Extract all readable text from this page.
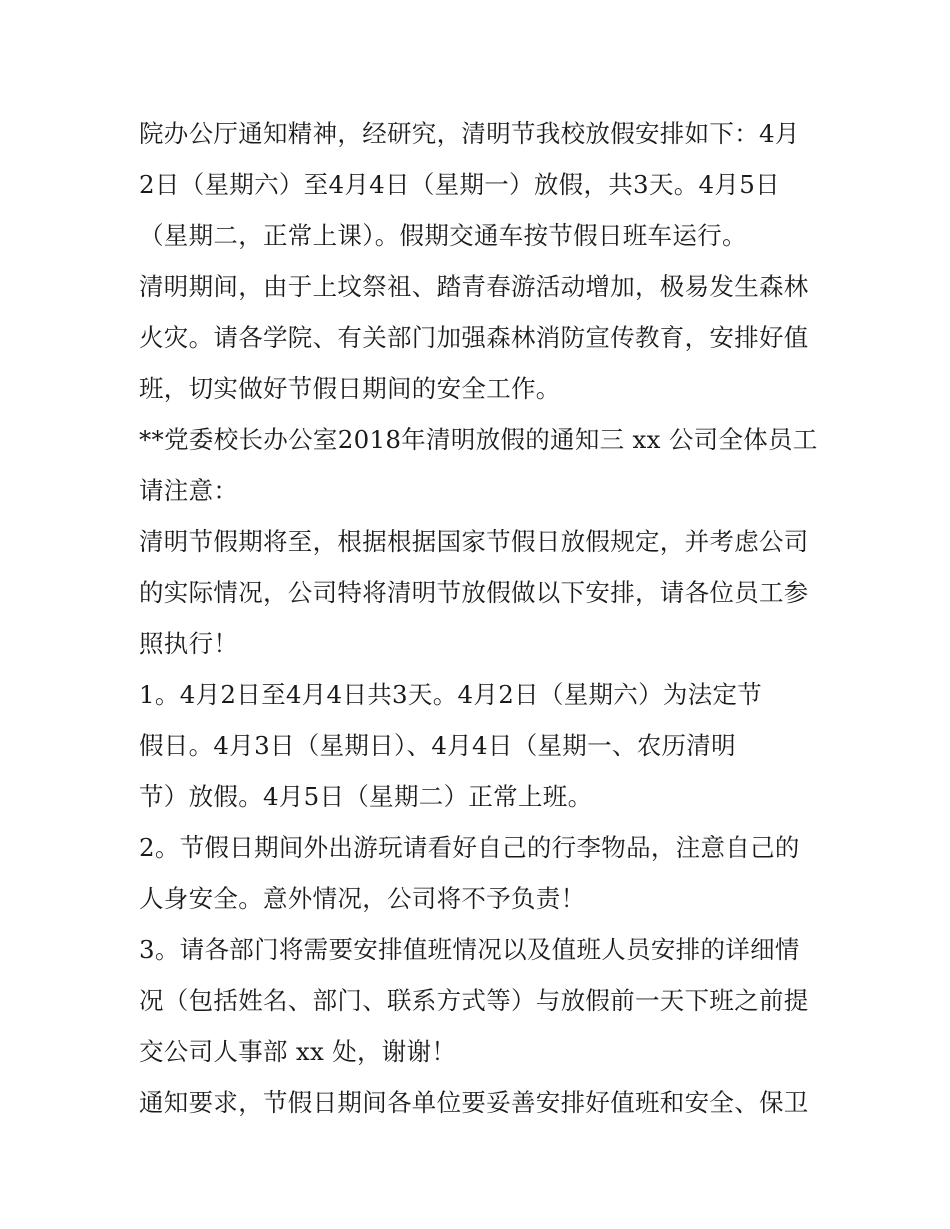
院办公厅通知精神，经研究，清明节我校放假安排如下：4月
2日（星期六）至4月4日（星期一）放假，共3天。4月5日
（星期二，正常上课）。假期交通车按节假日班车运行。

清明期间，由于上坟祭祖、踏青春游活动增加，极易发生森林
火灾。请各学院、有关部门加强森林消防宣传教育，安排好值
班，切实做好节假日期间的安全工作。

**党委校长办公室2018年清明放假的通知三 xx 公司全体员工
请注意：

清明节假期将至，根据根据国家节假日放假规定，并考虑公司
的实际情况，公司特将清明节放假做以下安排，请各位员工参
照执行！

1。4月2日至4月4日共3天。4月2日（星期六）为法定节
假日。4月3日（星期日）、4月4日（星期一、农历清明
节）放假。4月5日（星期二）正常上班。

2。节假日期间外出游玩请看好自己的行李物品，注意自己的
人身安全。意外情况，公司将不予负责！

3。请各部门将需要安排值班情况以及值班人员安排的详细情
况（包括姓名、部门、联系方式等）与放假前一天下班之前提
交公司人事部 xx 处，谢谢！

通知要求，节假日期间各单位要妥善安排好值班和安全、保卫
